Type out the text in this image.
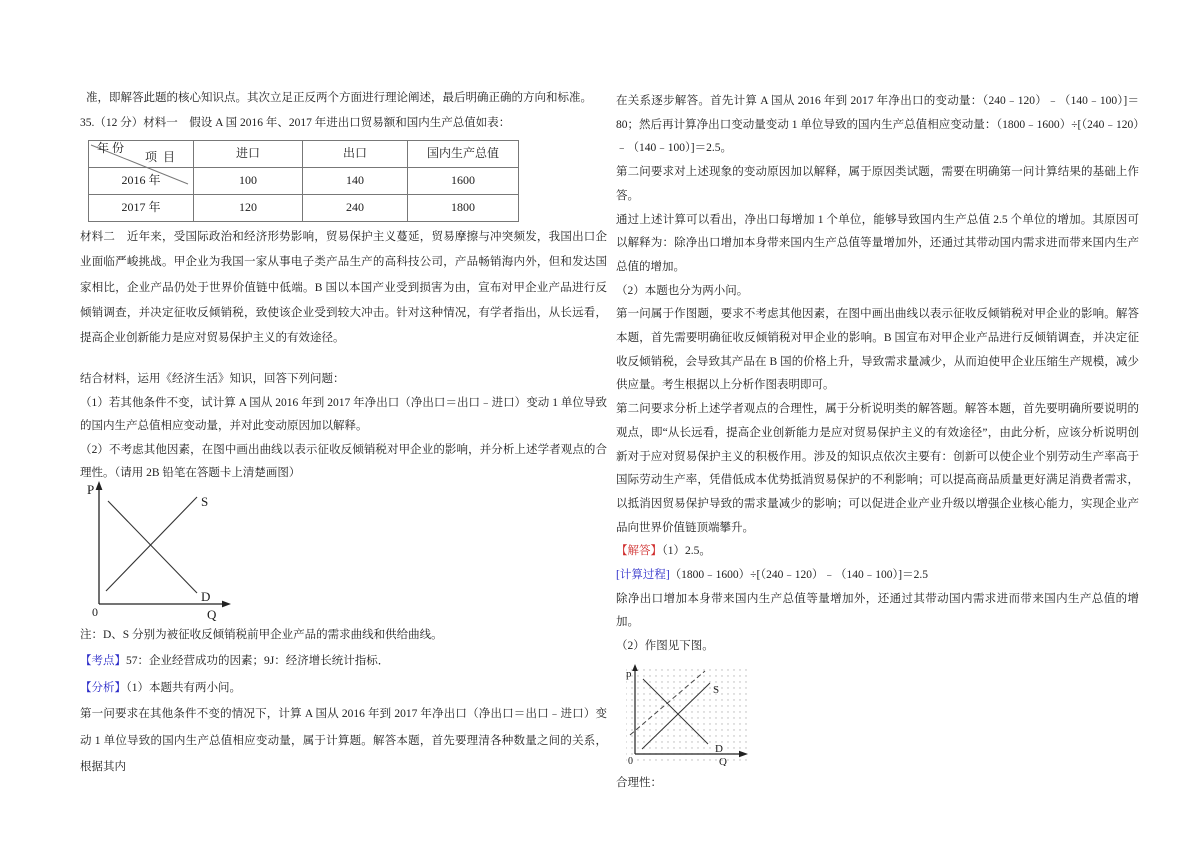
准，即解答此题的核心知识点。其次立足正反两个方面进行理论阐述，最后明确正确的方向和标准。

35.（12 分）材料一　假设 A 国 2016 年、2017 年进出口贸易额和国内生产总值如表：

项目
年份	进口	出口	国内生产总值
2016 年	100	140	1600
2017 年	120	240	1800

材料二　近年来，受国际政治和经济形势影响，贸易保护主义蔓延，贸易摩擦与冲突频发，我国出口企业面临严峻挑战。甲企业为我国一家从事电子类产品生产的高科技公司，产品畅销海内外，但和发达国家相比，企业产品仍处于世界价值链中低端。B 国以本国产业受到损害为由，宣布对甲企业产品进行反倾销调查，并决定征收反倾销税，致使该企业受到较大冲击。针对这种情况，有学者指出，从长远看，提高企业创新能力是应对贸易保护主义的有效途径。

结合材料，运用《经济生活》知识，回答下列问题：

（1）若其他条件不变，试计算 A 国从 2016 年到 2017 年净出口（净出口＝出口﹣进口）变动 1 单位导致的国内生产总值相应变动量，并对此变动原因加以解释。

（2）不考虑其他因素，在图中画出曲线以表示征收反倾销税对甲企业的影响，并分析上述学者观点的合理性。（请用 2B 铅笔在答题卡上清楚画图）

P
0	Q
S
D

注：D、S 分别为被征收反倾销税前甲企业产品的需求曲线和供给曲线。

【考点】57：企业经营成功的因素；9J：经济增长统计指标．

【分析】（1）本题共有两小问。

第一问要求在其他条件不变的情况下，计算 A 国从 2016 年到 2017 年净出口（净出口＝出口﹣进口）变动 1 单位导致的国内生产总值相应变动量，属于计算题。解答本题，首先要理清各种数量之间的关系，根据其内

在关系逐步解答。首先计算 A 国从 2016 年到 2017 年净出口的变动量：（240﹣120）﹣（140﹣100）]＝80；然后再计算净出口变动量变动 1 单位导致的国内生产总值相应变动量：（1800﹣1600）÷[（240﹣120）﹣（140﹣100）]＝2.5。

第二问要求对上述现象的变动原因加以解释，属于原因类试题，需要在明确第一问计算结果的基础上作答。

通过上述计算可以看出，净出口每增加 1 个单位，能够导致国内生产总值 2.5 个单位的增加。其原因可以解释为：除净出口增加本身带来国内生产总值等量增加外，还通过其带动国内需求进而带来国内生产总值的增加。

（2）本题也分为两小问。

第一问属于作图题，要求不考虑其他因素，在图中画出曲线以表示征收反倾销税对甲企业的影响。解答本题，首先需要明确征收反倾销税对甲企业的影响。B 国宣布对甲企业产品进行反倾销调查，并决定征收反倾销税，会导致其产品在 B 国的价格上升，导致需求量减少，从而迫使甲企业压缩生产规模，减少供应量。考生根据以上分析作图表明即可。

第二问要求分析上述学者观点的合理性，属于分析说明类的解答题。解答本题，首先要明确所要说明的观点，即“从长远看，提高企业创新能力是应对贸易保护主义的有效途径”，由此分析，应该分析说明创新对于应对贸易保护主义的积极作用。涉及的知识点依次主要有：创新可以使企业个别劳动生产率高于国际劳动生产率，凭借低成本优势抵消贸易保护的不利影响；可以提高商品质量更好满足消费者需求，以抵消因贸易保护导致的需求量减少的影响；可以促进企业产业升级以增强企业核心能力，实现企业产品向世界价值链顶端攀升。

【解答】（1）2.5。

[计算过程]（1800﹣1600）÷[（240﹣120）﹣（140﹣100）]＝2.5

除净出口增加本身带来国内生产总值等量增加外，还通过其带动国内需求进而带来国内生产总值的增加。

（2）作图见下图。

p
0	Q
S
D

合理性：
